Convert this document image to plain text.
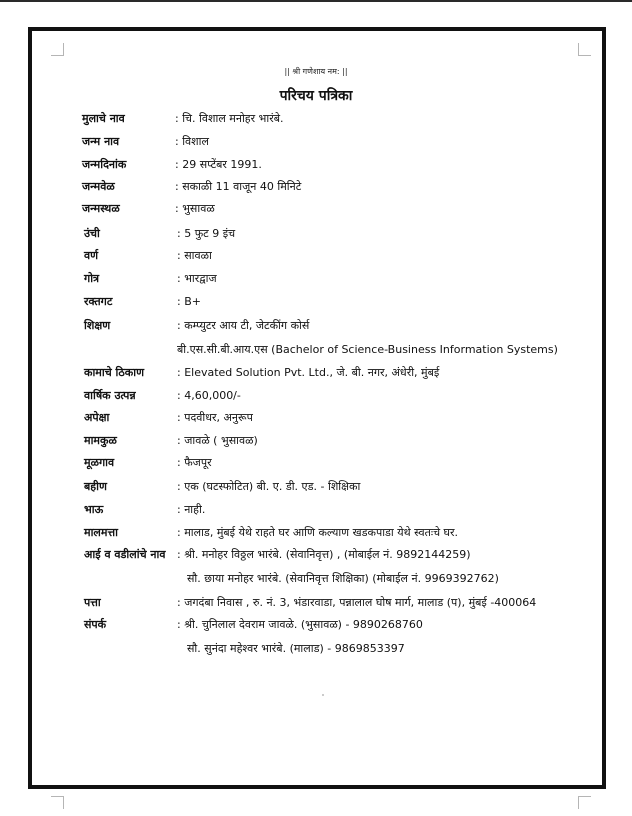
|| श्री गणेशाय नम: ||
परिचय पत्रिका
मुलाचे नाव	: चि. विशाल मनोहर भारंबे.
जन्म नाव	: विशाल
जन्मदिनांक	: 29 सप्टेंबर 1991.
जन्मवेळ	: सकाळी 11 वाजून 40 मिनिटे
जन्मस्थळ	: भुसावळ
उंची	: 5 फुट 9 इंच
वर्ण	: सावळा
गोत्र	: भारद्वाज
रक्तगट	: B+
शिक्षण	: कम्प्युटर आय टी, जेटकींग कोर्स
बी.एस.सी.बी.आय.एस (Bachelor of Science-Business Information Systems)
कामाचे ठिकाण	: Elevated Solution Pvt. Ltd., जे. बी. नगर, अंधेरी, मुंबई
वार्षिक उत्पन्न	: 4,60,000/-
अपेक्षा	: पदवीधर, अनुरूप
मामकुळ	: जावळे ( भुसावळ)
मूळगाव	: फैजपूर
बहीण	: एक (घटस्फोटित) बी. ए. डी. एड. - शिक्षिका
भाऊ	: नाही.
मालमत्ता	: मालाड, मुंबई येथे राहते घर आणि कल्याण खडकपाडा येथे स्वतःचे घर.
आई व वडीलांचे नाव : श्री. मनोहर विठ्ठल भारंबे. (सेवानिवृत्त) , (मोबाईल नं. 9892144259)
सौ. छाया मनोहर भारंबे. (सेवानिवृत्त शिक्षिका) (मोबाईल नं. 9969392762)
पत्ता	: जगदंबा निवास , रु. नं. 3, भंडारवाडा, पन्नालाल घोष मार्ग, मालाड (प), मुंबई -400064
संपर्क	: श्री. चुनिलाल देवराम जावळे. (भुसावळ) - 9890268760
सौ. सुनंदा महेश्वर भारंबे. (मालाड) - 9869853397
